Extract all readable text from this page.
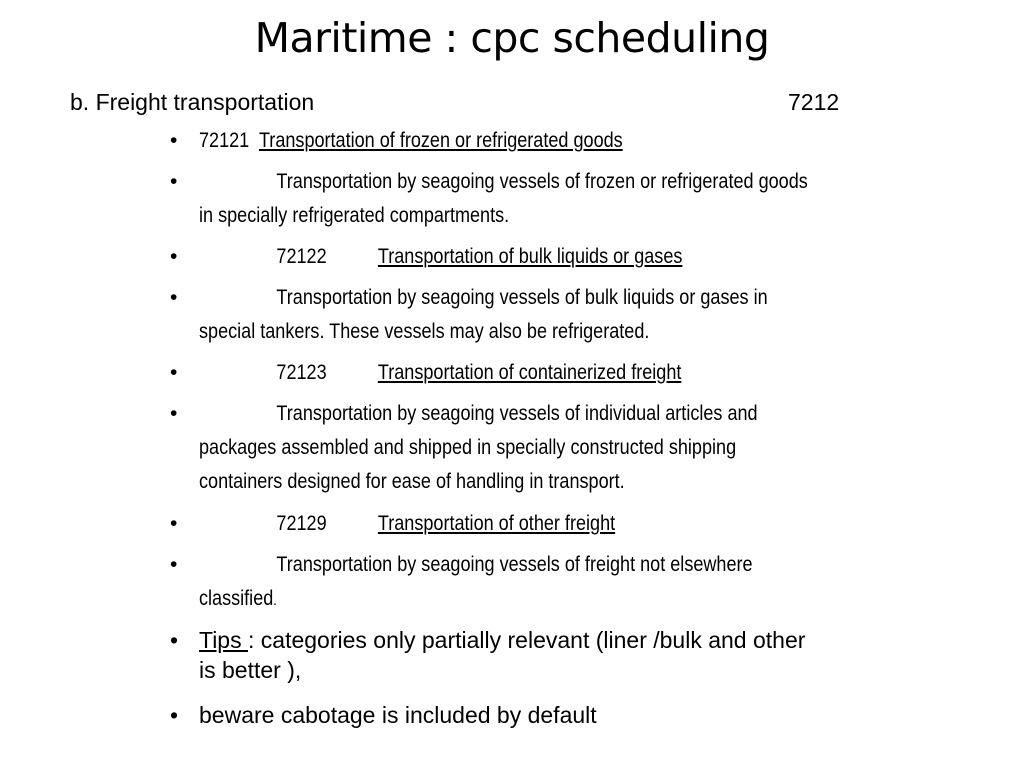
Maritime : cpc scheduling
b. Freight transportation	7212
• 72121 Transportation of frozen or refrigerated goods
•	Transportation by seagoing vessels of frozen or refrigerated goods
in specially refrigerated compartments.
•	72122 Transportation of bulk liquids or gases
•	Transportation by seagoing vessels of bulk liquids or gases in
special tankers. These vessels may also be refrigerated.
•	72123 Transportation of containerized freight
•	Transportation by seagoing vessels of individual articles and
packages assembled and shipped in specially constructed shipping
containers designed for ease of handling in transport.
•	72129 Transportation of other freight
•	Transportation by seagoing vessels of freight not elsewhere
classified.
• Tips : categories only partially relevant (liner /bulk and other
is better ),
• beware cabotage is included by default
